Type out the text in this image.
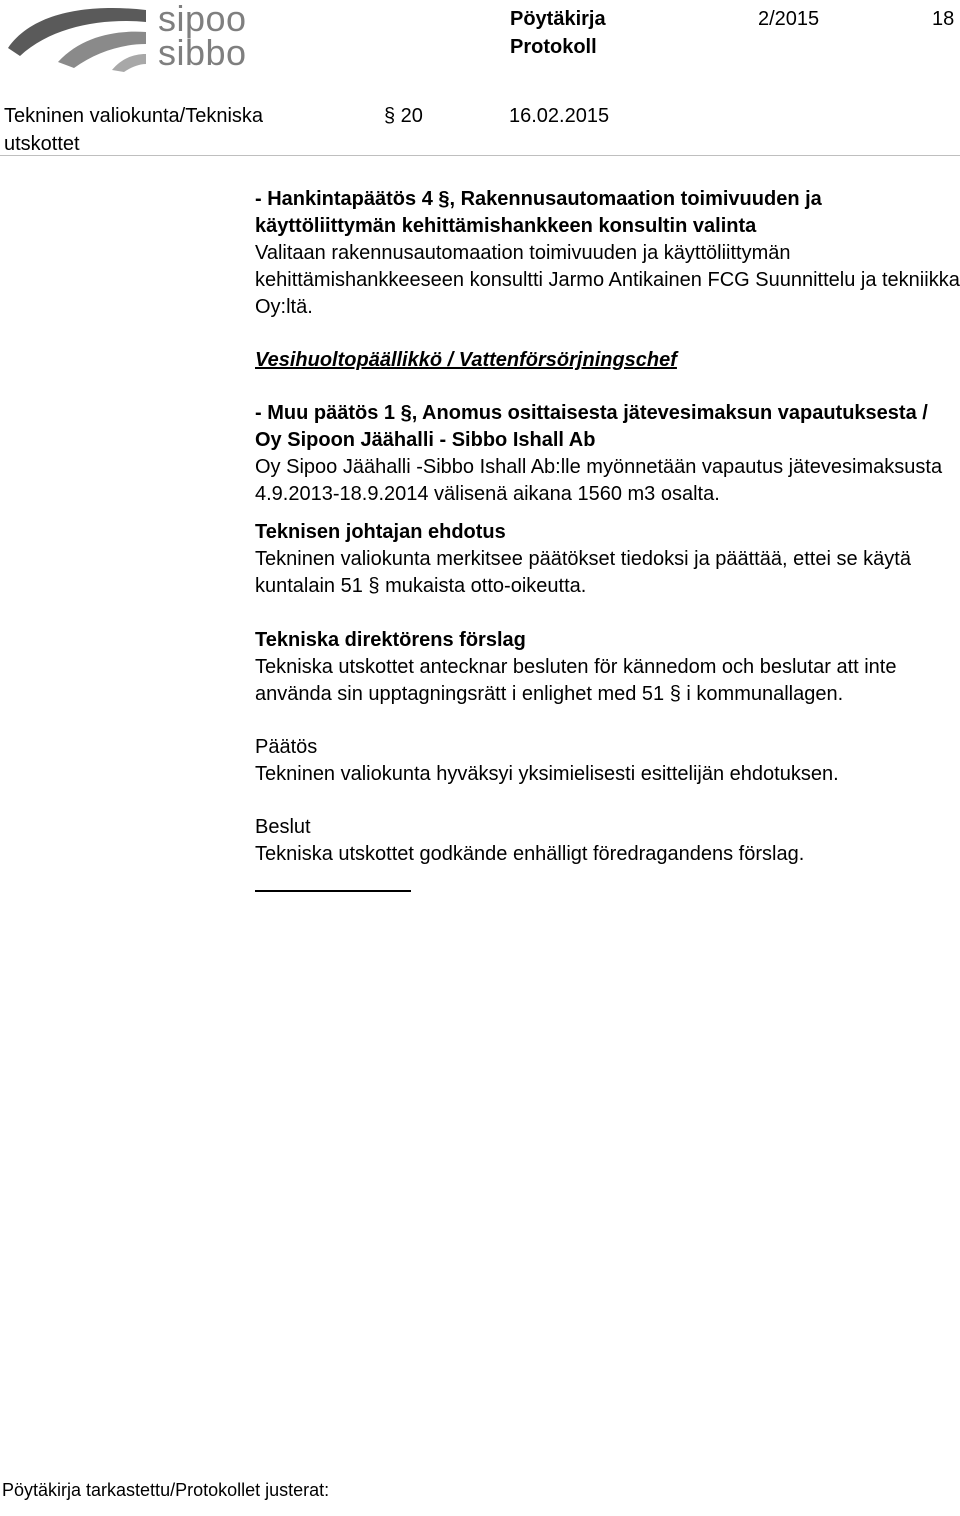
sipoo
sibbo
Pöytäkirja
Protokoll
2/2015	18
Tekninen valiokunta/Tekniska utskottet
§ 20	16.02.2015

- Hankintapäätös 4 §, Rakennusautomaation toimivuuden ja käyttöliittymän kehittämishankkeen konsultin valinta

Valitaan rakennusautomaation toimivuuden ja käyttöliittymän kehittämishankkeeseen konsultti Jarmo Antikainen FCG Suunnittelu ja tekniikka Oy:ltä.

Vesihuoltopäällikkö / Vattenförsörjningschef

- Muu päätös 1 §, Anomus osittaisesta jätevesimaksun vapautuksesta / Oy Sipoon Jäähalli - Sibbo Ishall Ab

Oy Sipoo Jäähalli -Sibbo Ishall Ab:lle myönnetään vapautus jätevesimaksusta 4.9.2013-18.9.2014 välisenä aikana 1560 m3 osalta.

Teknisen johtajan ehdotus

Tekninen valiokunta merkitsee päätökset tiedoksi ja päättää, ettei se käytä kuntalain 51 § mukaista otto-oikeutta.

Tekniska direktörens förslag

Tekniska utskottet antecknar besluten för kännedom och beslutar att inte använda sin upptagningsrätt i enlighet med 51 § i kommunallagen.

Päätös

Tekninen valiokunta hyväksyi yksimielisesti esittelijän ehdotuksen.

Beslut

Tekniska utskottet godkände enhälligt föredragandens förslag.

Pöytäkirja tarkastettu/Protokollet justerat:
